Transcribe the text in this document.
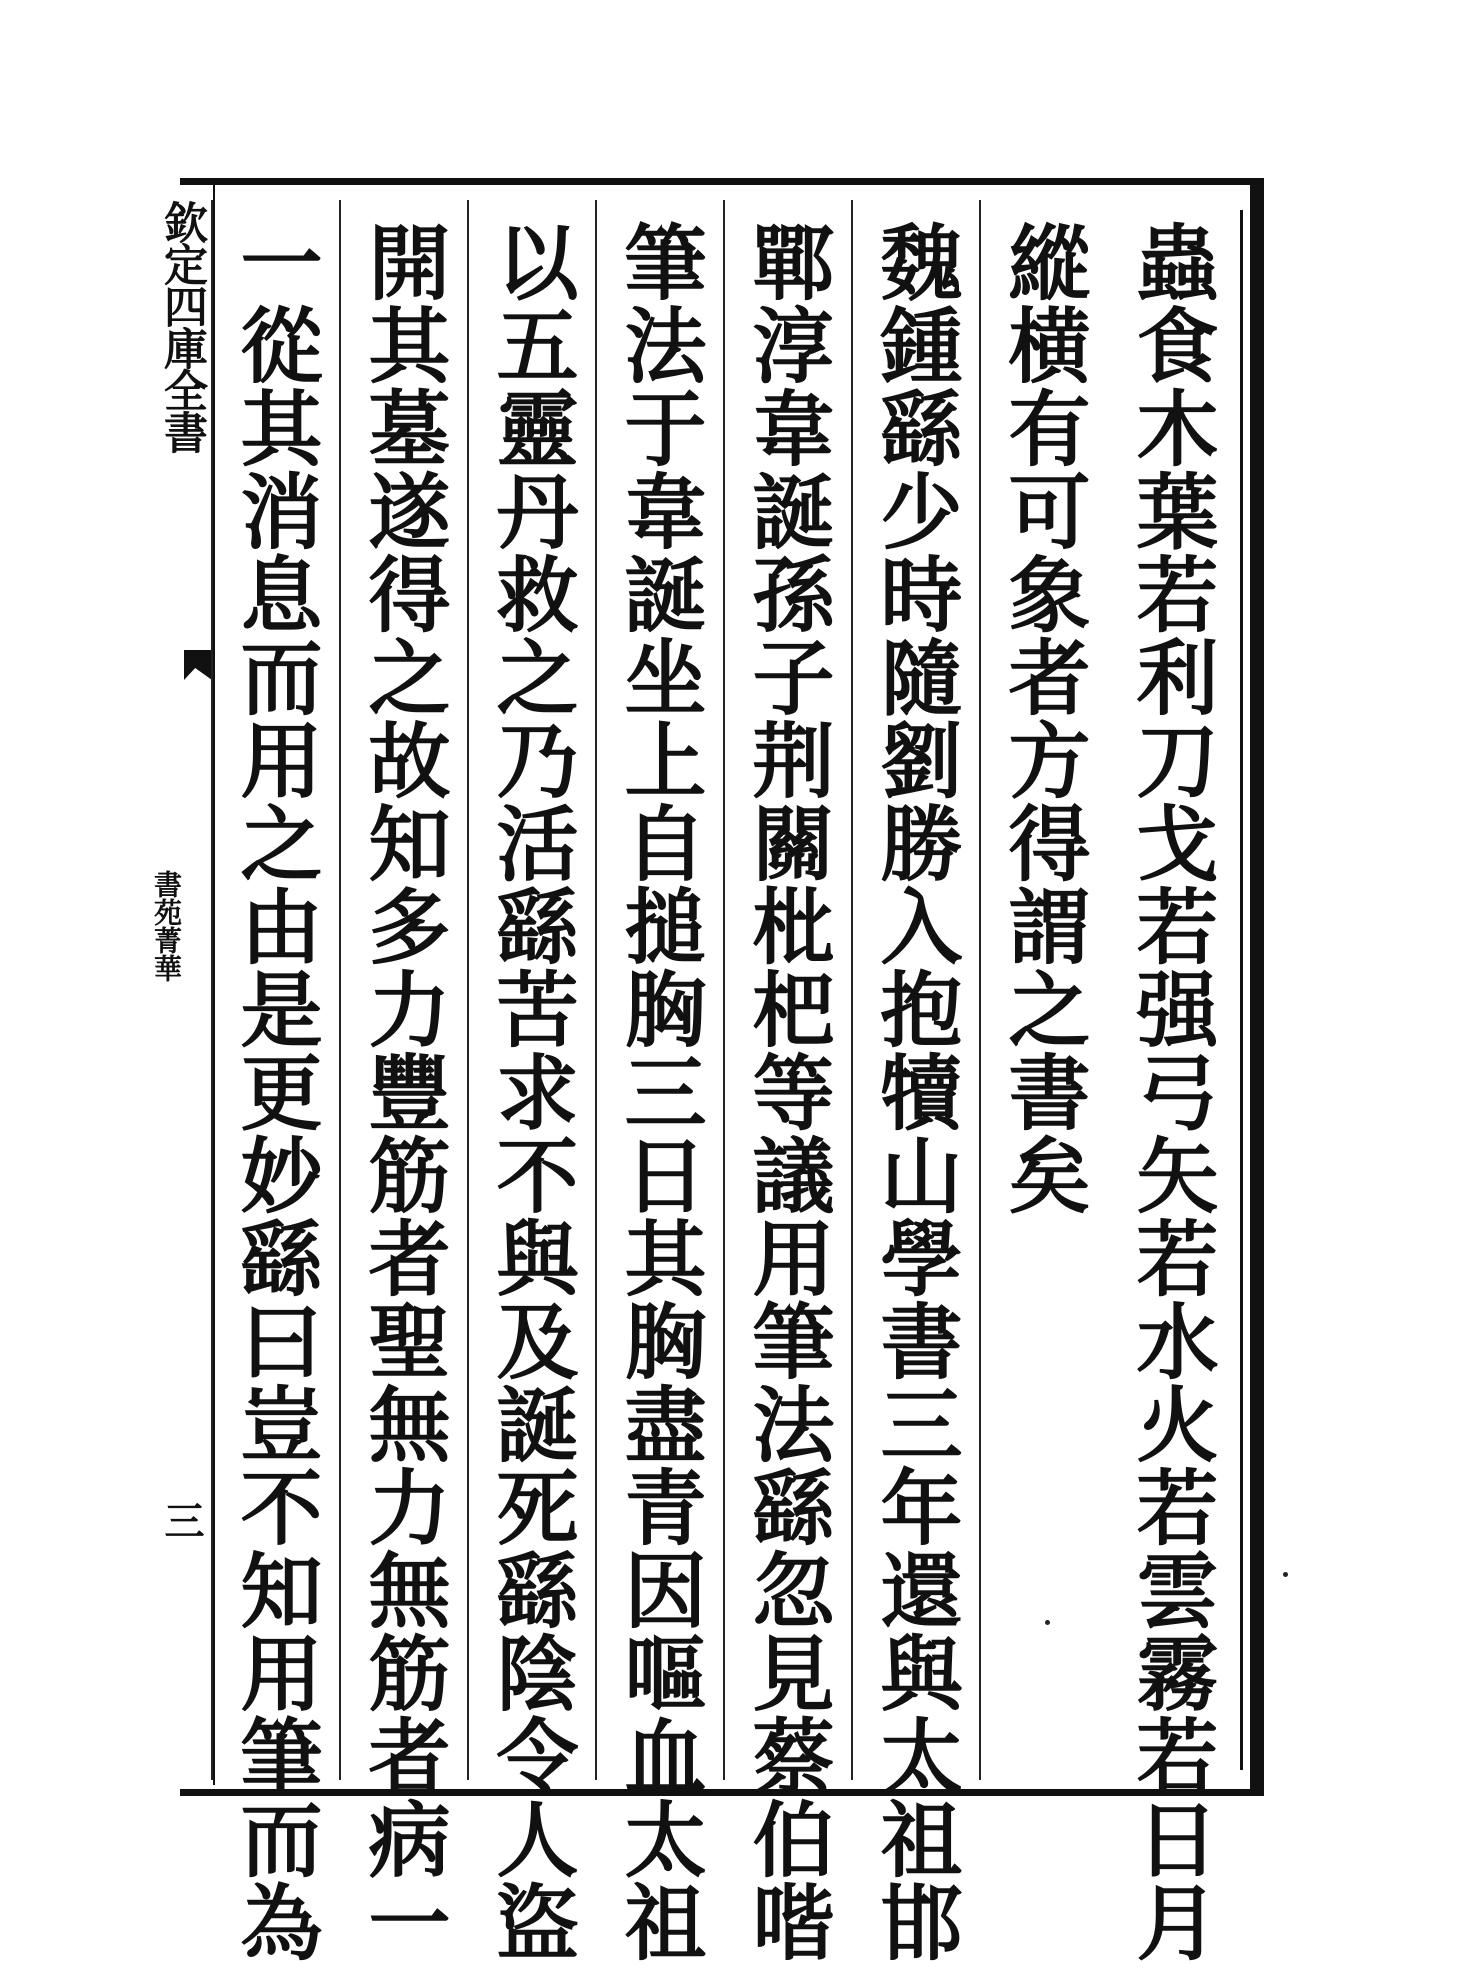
欽定四庫全書
書苑菁華
三	蟲食木葉若利刀戈若强弓矢若水火若雲霧若日月
縱横有可象者方得謂之書矣
魏鍾繇少時隨劉勝入抱犢山學書三年還與太祖邯
鄲淳韋誕孫子荆關枇杷等議用筆法繇忽見蔡伯喈
筆法于韋誕坐上自搥胸三日其胸盡青因嘔血太祖
以五靈丹救之乃活繇苦求不與及誕死繇陰令人盜
開其墓遂得之故知多力豐筋者聖無力無筋者病一
一從其消息而用之由是更妙繇曰豈不知用筆而為
